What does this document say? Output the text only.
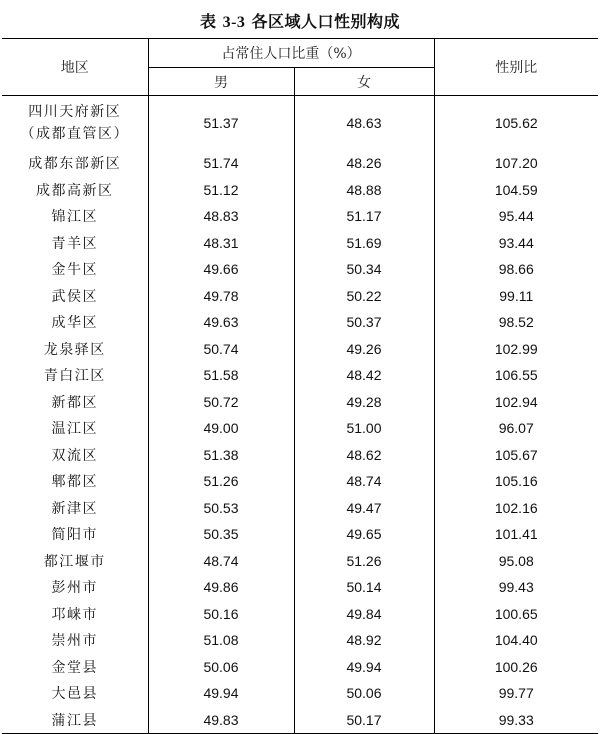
表 3-3 各区域人口性别构成
地区	占常住人口比重（%）		性别比
	男	女	

四川天府新区
（成都直管区）	51.37	48.63	105.62
成都东部新区	51.74	48.26	107.20
成都高新区	51.12	48.88	104.59
锦江区	48.83	51.17	95.44
青羊区	48.31	51.69	93.44
金牛区	49.66	50.34	98.66
武侯区	49.78	50.22	99.11
成华区	49.63	50.37	98.52
龙泉驿区	50.74	49.26	102.99
青白江区	51.58	48.42	106.55
新都区	50.72	49.28	102.94
温江区	49.00	51.00	96.07
双流区	51.38	48.62	105.67
郫都区	51.26	48.74	105.16
新津区	50.53	49.47	102.16
简阳市	50.35	49.65	101.41
都江堰市	48.74	51.26	95.08
彭州市	49.86	50.14	99.43
邛崃市	50.16	49.84	100.65
崇州市	51.08	48.92	104.40
金堂县	50.06	49.94	100.26
大邑县	49.94	50.06	99.77
蒲江县	49.83	50.17	99.33
